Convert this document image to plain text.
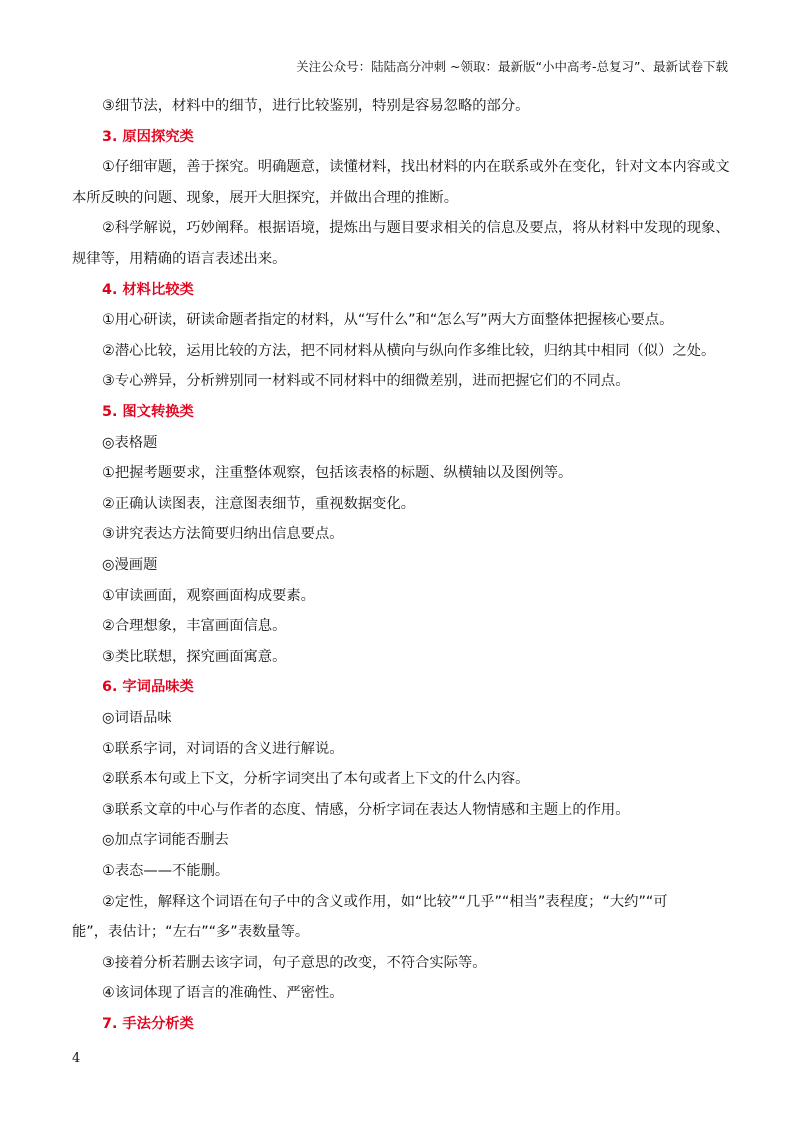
关注公众号：陆陆高分冲刺 ~领取：最新版“小中高考-总复习”、最新试卷下载
③细节法，材料中的细节，进行比较鉴别，特别是容易忽略的部分。
3. 原因探究类
①仔细审题，善于探究。明确题意，读懂材料，找出材料的内在联系或外在变化，针对文本内容或文
本所反映的问题、现象，展开大胆探究，并做出合理的推断。
②科学解说，巧妙阐释。根据语境，提炼出与题目要求相关的信息及要点，将从材料中发现的现象、
规律等，用精确的语言表述出来。
4. 材料比较类
①用心研读，研读命题者指定的材料，从“写什么”和“怎么写”两大方面整体把握核心要点。
②潜心比较，运用比较的方法，把不同材料从横向与纵向作多维比较，归纳其中相同（似）之处。
③专心辨异，分析辨别同一材料或不同材料中的细微差别，进而把握它们的不同点。
5. 图文转换类
◎表格题
①把握考题要求，注重整体观察，包括该表格的标题、纵横轴以及图例等。
②正确认读图表，注意图表细节，重视数据变化。
③讲究表达方法简要归纳出信息要点。
◎漫画题
①审读画面，观察画面构成要素。
②合理想象，丰富画面信息。
③类比联想，探究画面寓意。
6. 字词品味类
◎词语品味
①联系字词，对词语的含义进行解说。
②联系本句或上下文，分析字词突出了本句或者上下文的什么内容。
③联系文章的中心与作者的态度、情感，分析字词在表达人物情感和主题上的作用。
◎加点字词能否删去
①表态——不能删。
②定性，解释这个词语在句子中的含义或作用，如“比较”“几乎”“相当”表程度；“大约”“可
能”，表估计；“左右”“多”表数量等。
③接着分析若删去该字词，句子意思的改变，不符合实际等。
④该词体现了语言的准确性、严密性。
7. 手法分析类
4
